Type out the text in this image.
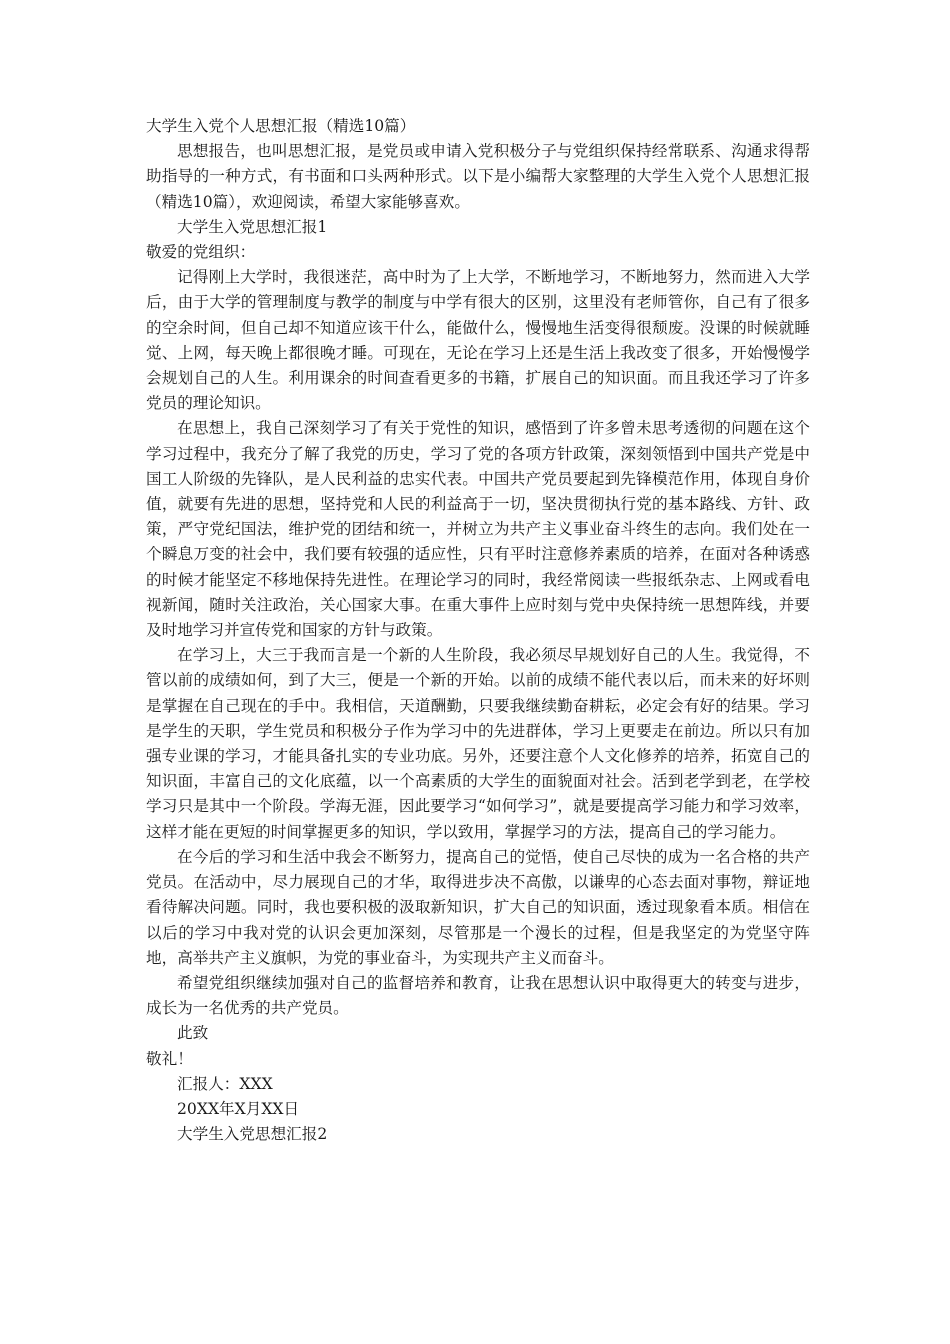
大学生入党个人思想汇报（精选10篇）

思想报告，也叫思想汇报，是党员或申请入党积极分子与党组织保持经常联系、沟通求得帮助指导的一种方式，有书面和口头两种形式。以下是小编帮大家整理的大学生入党个人思想汇报（精选10篇），欢迎阅读，希望大家能够喜欢。

大学生入党思想汇报1
敬爱的党组织：

记得刚上大学时，我很迷茫，高中时为了上大学，不断地学习，不断地努力，然而进入大学后，由于大学的管理制度与教学的制度与中学有很大的区别，这里没有老师管你，自己有了很多的空余时间，但自己却不知道应该干什么，能做什么，慢慢地生活变得很颓废。没课的时候就睡觉、上网，每天晚上都很晚才睡。可现在，无论在学习上还是生活上我改变了很多，开始慢慢学会规划自己的人生。利用课余的时间查看更多的书籍，扩展自己的知识面。而且我还学习了许多党员的理论知识。

在思想上，我自己深刻学习了有关于党性的知识，感悟到了许多曾未思考透彻的问题在这个学习过程中，我充分了解了我党的历史，学习了党的各项方针政策，深刻领悟到中国共产党是中国工人阶级的先锋队，是人民利益的忠实代表。中国共产党员要起到先锋模范作用，体现自身价值，就要有先进的思想，坚持党和人民的利益高于一切，坚决贯彻执行党的基本路线、方针、政策，严守党纪国法，维护党的团结和统一，并树立为共产主义事业奋斗终生的志向。我们处在一个瞬息万变的社会中，我们要有较强的适应性，只有平时注意修养素质的培养，在面对各种诱惑的时候才能坚定不移地保持先进性。在理论学习的同时，我经常阅读一些报纸杂志、上网或看电视新闻，随时关注政治，关心国家大事。在重大事件上应时刻与党中央保持统一思想阵线，并要及时地学习并宣传党和国家的方针与政策。

在学习上，大三于我而言是一个新的人生阶段，我必须尽早规划好自己的人生。我觉得，不管以前的成绩如何，到了大三，便是一个新的开始。以前的成绩不能代表以后，而未来的好坏则是掌握在自己现在的手中。我相信，天道酬勤，只要我继续勤奋耕耘，必定会有好的结果。学习是学生的天职，学生党员和积极分子作为学习中的先进群体，学习上更要走在前边。所以只有加强专业课的学习，才能具备扎实的专业功底。另外，还要注意个人文化修养的培养，拓宽自己的知识面，丰富自己的文化底蕴，以一个高素质的大学生的面貌面对社会。活到老学到老，在学校学习只是其中一个阶段。学海无涯，因此要学习“如何学习”，就是要提高学习能力和学习效率，这样才能在更短的时间掌握更多的知识，学以致用，掌握学习的方法，提高自己的学习能力。

在今后的学习和生活中我会不断努力，提高自己的觉悟，使自己尽快的成为一名合格的共产党员。在活动中，尽力展现自己的才华，取得进步决不高傲，以谦卑的心态去面对事物，辩证地看待解决问题。同时，我也要积极的汲取新知识，扩大自己的知识面，透过现象看本质。相信在以后的学习中我对党的认识会更加深刻，尽管那是一个漫长的过程，但是我坚定的为党坚守阵地，高举共产主义旗帜，为党的事业奋斗，为实现共产主义而奋斗。

希望党组织继续加强对自己的监督培养和教育，让我在思想认识中取得更大的转变与进步，成长为一名优秀的共产党员。

此致
敬礼！
汇报人：XXX
20XX年X月XX日
大学生入党思想汇报2
